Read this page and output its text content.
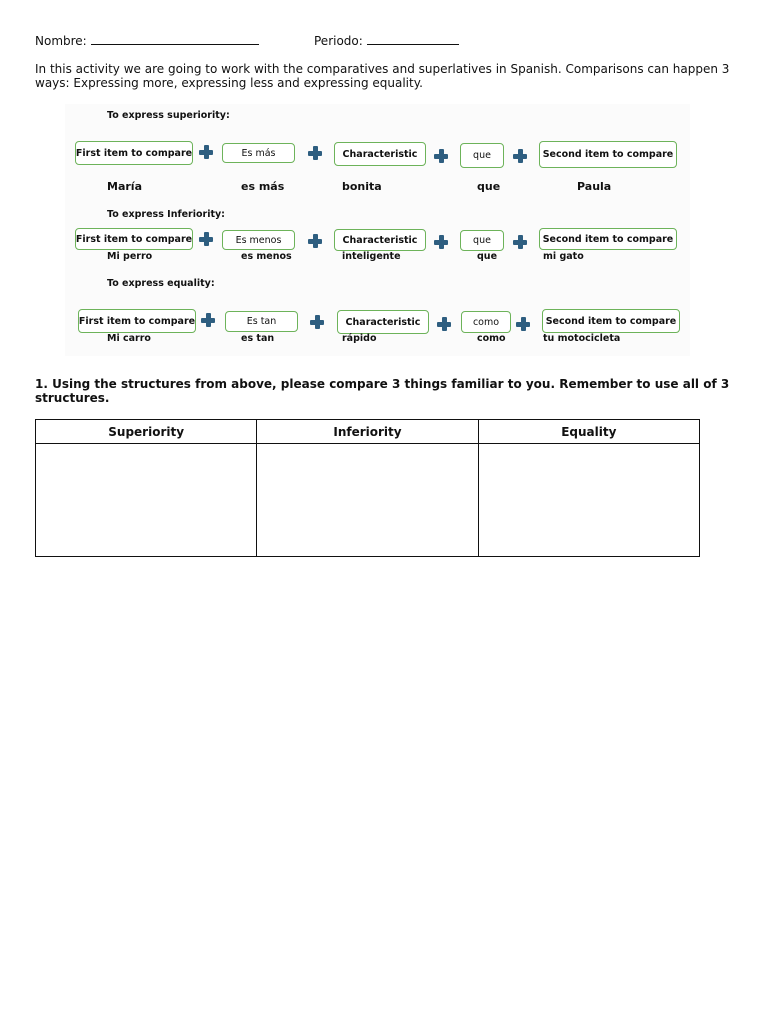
Nombre:	Periodo:
In this activity we are going to work with the comparatives and superlatives in Spanish. Comparisons can happen 3 ways: Expressing more, expressing less and expressing equality.
To express superiority:
First item to compare	Es más	Characteristic	que	Second item to compare
María	es más	bonita	que	Paula
To express Inferiority:
First item to compare	Es menos	Characteristic	que	Second item to compare
Mi perro	es menos	inteligente	que	mi gato
To express equality:
First item to compare	Es tan	Characteristic	como	Second item to compare
Mi carro	es tan	rápido	como	tu motocicleta
1. Using the structures from above, please compare 3 things familiar to you. Remember to use all of 3 structures.
Superiority	Inferiority	Equality
